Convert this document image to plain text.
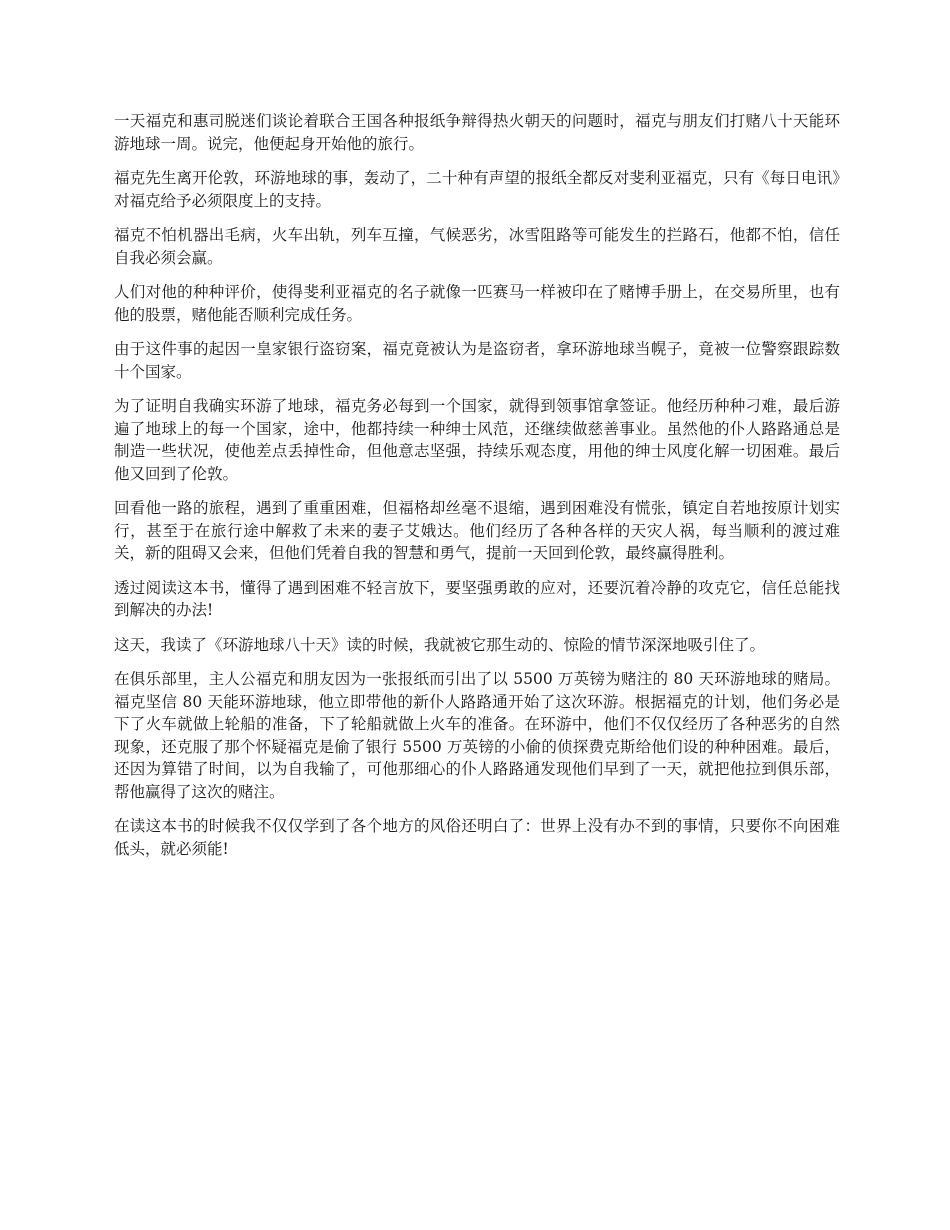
一天福克和惠司脱迷们谈论着联合王国各种报纸争辩得热火朝天的问题时，福克与朋友们打赌八十天能环游地球一周。说完，他便起身开始他的旅行。

福克先生离开伦敦，环游地球的事，轰动了，二十种有声望的报纸全都反对斐利亚福克，只有《每日电讯》对福克给予必须限度上的支持。

福克不怕机器出毛病，火车出轨，列车互撞，气候恶劣，冰雪阻路等可能发生的拦路石，他都不怕，信任自我必须会赢。

人们对他的种种评价，使得斐利亚福克的名子就像一匹赛马一样被印在了赌博手册上，在交易所里，也有他的股票，赌他能否顺利完成任务。

由于这件事的起因一皇家银行盗窃案，福克竟被认为是盗窃者，拿环游地球当幌子，竟被一位警察跟踪数十个国家。

为了证明自我确实环游了地球，福克务必每到一个国家，就得到领事馆拿签证。他经历种种刁难，最后游遍了地球上的每一个国家，途中，他都持续一种绅士风范，还继续做慈善事业。虽然他的仆人路路通总是制造一些状况，使他差点丢掉性命，但他意志坚强，持续乐观态度，用他的绅士风度化解一切困难。最后他又回到了伦敦。

回看他一路的旅程，遇到了重重困难，但福格却丝毫不退缩，遇到困难没有慌张，镇定自若地按原计划实行，甚至于在旅行途中解救了未来的妻子艾娥达。他们经历了各种各样的天灾人祸，每当顺利的渡过难关，新的阻碍又会来，但他们凭着自我的智慧和勇气，提前一天回到伦敦，最终赢得胜利。

透过阅读这本书，懂得了遇到困难不轻言放下，要坚强勇敢的应对，还要沉着冷静的攻克它，信任总能找到解决的办法!

这天，我读了《环游地球八十天》读的时候，我就被它那生动的、惊险的情节深深地吸引住了。

在俱乐部里，主人公福克和朋友因为一张报纸而引出了以 5500 万英镑为赌注的 80 天环游地球的赌局。福克坚信 80 天能环游地球，他立即带他的新仆人路路通开始了这次环游。根据福克的计划，他们务必是下了火车就做上轮船的准备，下了轮船就做上火车的准备。在环游中，他们不仅仅经历了各种恶劣的自然现象，还克服了那个怀疑福克是偷了银行 5500 万英镑的小偷的侦探费克斯给他们设的种种困难。最后，还因为算错了时间，以为自我输了，可他那细心的仆人路路通发现他们早到了一天，就把他拉到俱乐部，帮他赢得了这次的赌注。

在读这本书的时候我不仅仅学到了各个地方的风俗还明白了：世界上没有办不到的事情，只要你不向困难低头，就必须能!
